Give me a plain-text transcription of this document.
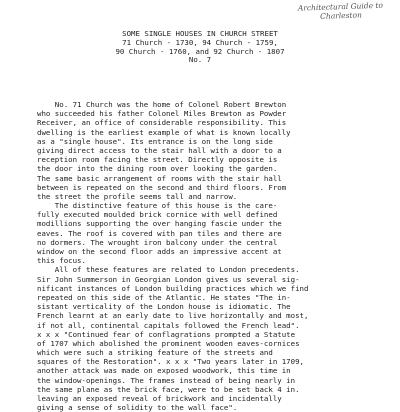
Architectural Guide to
Charleston
SOME SINGLE HOUSES IN CHURCH STREET
71 Church - 1730, 94 Church - 1759,
90 Church - 1760, and 92 Church - 1807
No. 7
No. 71 Church was the home of Colonel Robert Brewton
who succeeded his father Colonel Miles Brewton as Powder
Receiver, an office of considerable responsibility. This
dwelling is the earliest example of what is known locally
as a "single house". Its entrance is on the long side
giving direct access to the stair hall with a door to a
reception room facing the street. Directly opposite is
the door into the dining room over looking the garden.
The same basic arrangement of rooms with the stair hall
between is repeated on the second and third floors. From
the street the profile seems tall and narrow.
The distinctive feature of this house is the care-
fully executed moulded brick cornice with well defined
modillions supporting the over hanging fascie under the
eaves. The roof is covered with pan tiles and there are
no dormers. The wrought iron balcony under the central
window on the second floor adds an impressive accent at
this focus.
All of these features are related to London precedents.
Sir John Summerson in Georgian London gives us several sig-
nificant instances of London building practices which we find
repeated on this side of the Atlantic. He states "The in-
sistant verticality of the London house is idiomatic. The
French learnt at an early date to live horizontally and most,
if not all, continental capitals followed the French lead".
x x x "Continued fear of conflagrations prompted a Statute
of 1707 which abolished the prominent wooden eaves-cornices
which were such a striking feature of the streets and
squares of the Restoration". x x x "Two years later in 1709,
another attack was made on exposed woodwork, this time in
the window-openings. The frames instead of being nearly in
the same plane as the brick face, were to be set back 4 in.
leaving an exposed reveal of brickwork and incidentally
giving a sense of solidity to the wall face".
